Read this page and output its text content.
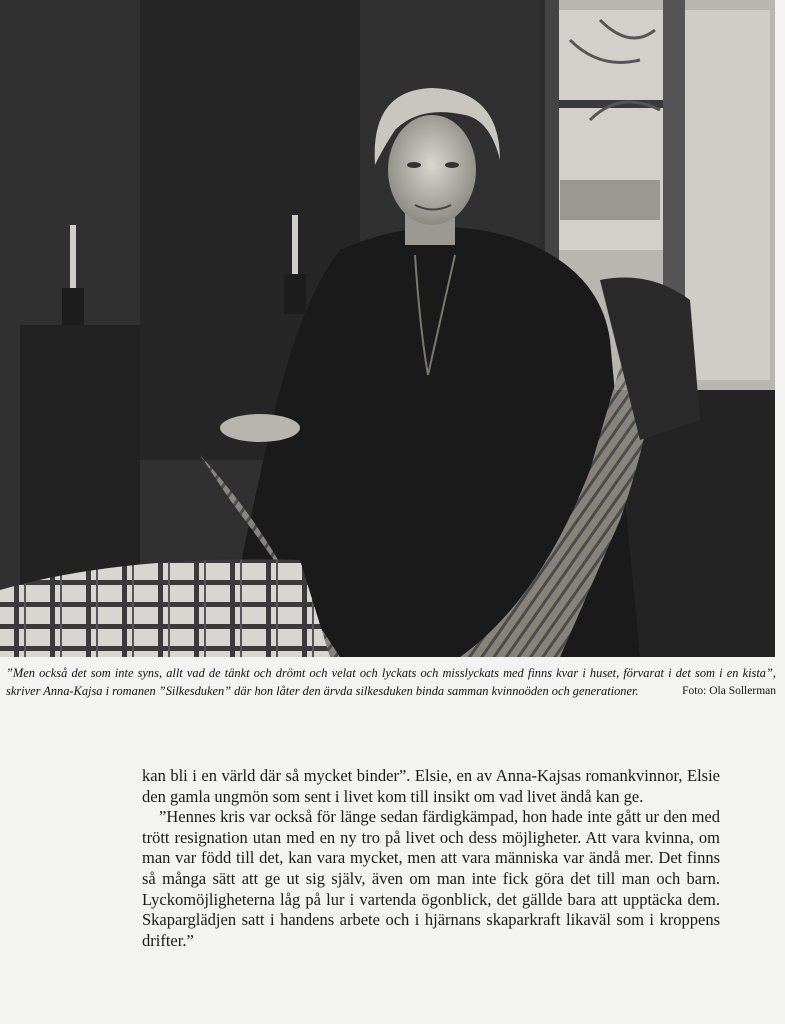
”Men också det som inte syns, allt vad de tänkt och drömt och velat och lyckats och misslyckats med finns kvar i huset, förvarat i det som i en kista”, skriver Anna-Kajsa i romanen ”Silkesduken” där hon låter den ärvda silkesduken binda samman kvinnoöden och generationer.	Foto: Ola Sollerman

kan bli i en värld där så mycket binder”. Elsie, en av Anna-Kajsas romankvinnor, Elsie den gamla ungmön som sent i livet kom till insikt om vad livet ändå kan ge.

”Hennes kris var också för länge sedan färdigkämpad, hon hade inte gått ur den med trött resignation utan med en ny tro på livet och dess möjligheter. Att vara kvinna, om man var född till det, kan vara mycket, men att vara människa var ändå mer. Det finns så många sätt att ge ut sig själv, även om man inte fick göra det till man och barn. Lyckomöjligheterna låg på lur i vartenda ögonblick, det gällde bara att upptäcka dem. Skaparglädjen satt i handens arbete och i hjärnans skaparkraft likaväl som i kroppens drifter.”
